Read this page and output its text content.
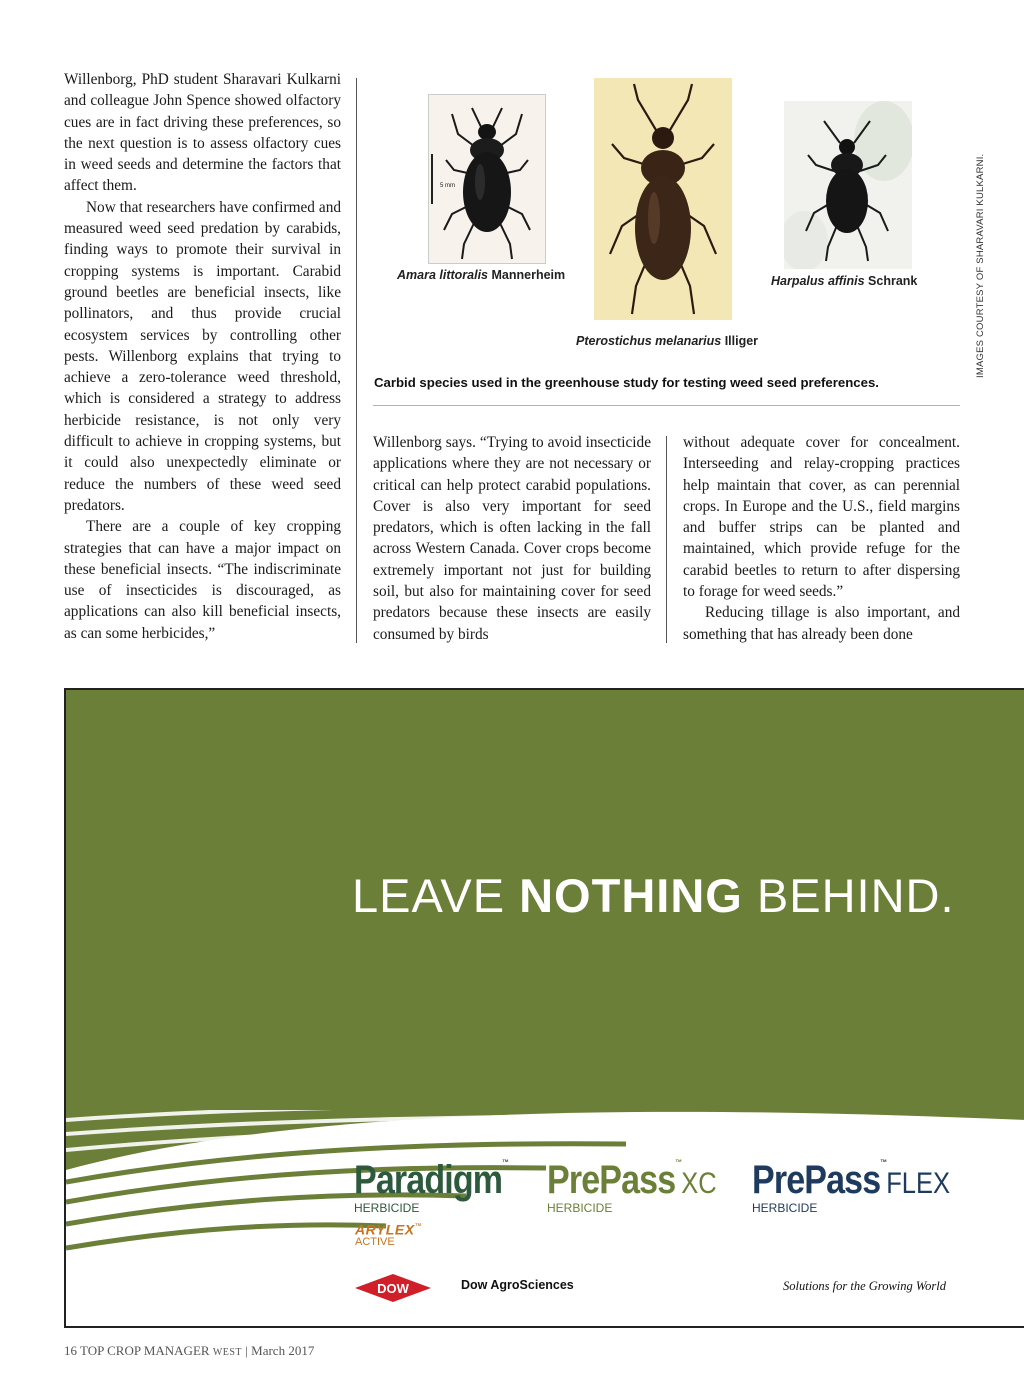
Willenborg, PhD student Sharavari Kulkarni and colleague John Spence showed olfactory cues are in fact driving these preferences, so the next question is to assess olfactory cues in weed seeds and determine the factors that affect them.

Now that researchers have confirmed and measured weed seed predation by carabids, finding ways to promote their survival in cropping systems is important. Carabid ground beetles are beneficial insects, like pollinators, and thus provide crucial ecosystem services by controlling other pests. Willenborg explains that trying to achieve a zero-tolerance weed threshold, which is considered a strategy to address herbicide resistance, is not only very difficult to achieve in cropping systems, but it could also unexpectedly eliminate or reduce the numbers of these weed seed predators.

There are a couple of key cropping strategies that can have a major impact on these beneficial insects. “The indiscriminate use of insecticides is discouraged, as applications can also kill beneficial insects, as can some herbicides,”

5 mm
Amara littoralis Mannerheim
Pterostichus melanarius Illiger
Harpalus affinis Schrank
Carbid species used in the greenhouse study for testing weed seed preferences.
IMAGES COURTESY OF SHARAVARI KULKARNI.

Willenborg says. “Trying to avoid insecticide applications where they are not necessary or critical can help protect carabid populations. Cover is also very important for seed predators, which is often lacking in the fall across Western Canada. Cover crops become extremely important not just for building soil, but also for maintaining cover for seed predators because these insects are easily consumed by birds

without adequate cover for concealment. Interseeding and relay-cropping practices help maintain that cover, as can perennial crops. In Europe and the U.S., field margins and buffer strips can be planted and maintained, which provide refuge for the carabid beetles to return to after dispersing to forage for weed seeds.”

Reducing tillage is also important, and something that has already been done

LEAVE NOTHING BEHIND.
Paradigm™
HERBICIDE
PrePass™XC
HERBICIDE
PrePass™FLEX
HERBICIDE
ARYLEX™
ACTIVE
DOW	Dow AgroSciences	Solutions for the Growing World
16 TOP CROP MANAGER WEST | March 2017
